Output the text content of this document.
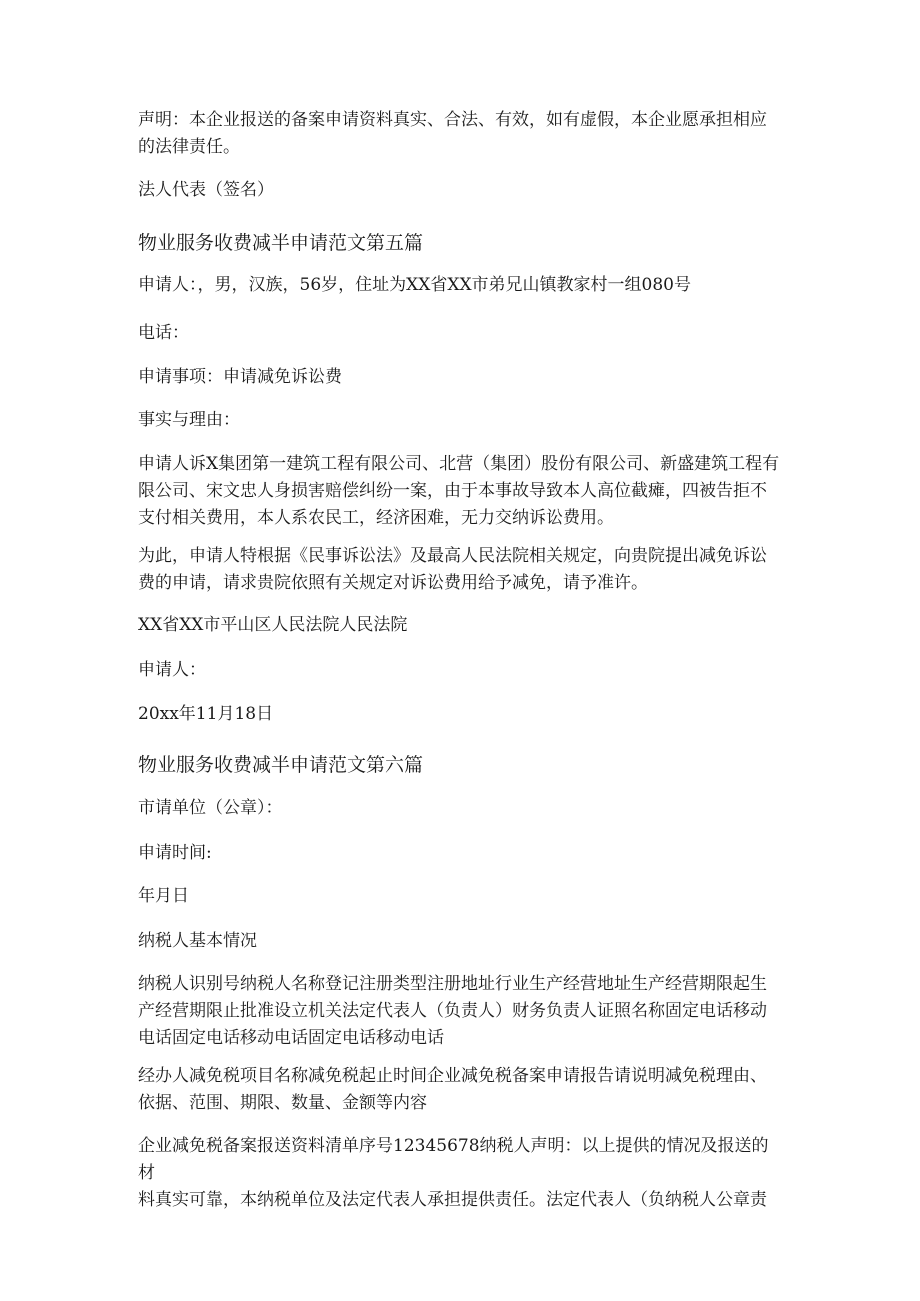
声明：本企业报送的备案申请资料真实、合法、有效，如有虚假，本企业愿承担相应
的法律责任。

法人代表（签名）

物业服务收费减半申请范文第五篇

申请人：，男，汉族，56岁，住址为XX省XX市弟兄山镇教家村一组080号

电话：

申请事项：申请减免诉讼费

事实与理由：

申请人诉X集团第一建筑工程有限公司、北营（集团）股份有限公司、新盛建筑工程有
限公司、宋文忠人身损害赔偿纠纷一案，由于本事故导致本人高位截瘫，四被告拒不
支付相关费用，本人系农民工，经济困难，无力交纳诉讼费用。

为此，申请人特根据《民事诉讼法》及最高人民法院相关规定，向贵院提出减免诉讼
费的申请，请求贵院依照有关规定对诉讼费用给予减免，请予准许。

XX省XX市平山区人民法院人民法院

申请人：

20xx年11月18日

物业服务收费减半申请范文第六篇

市请单位（公章）：

申请时间:

年月日

纳税人基本情况

纳税人识别号纳税人名称登记注册类型注册地址行业生产经营地址生产经营期限起生
产经营期限止批准设立机关法定代表人（负责人）财务负责人证照名称固定电话移动
电话固定电话移动电话固定电话移动电话

经办人减免税项目名称减免税起止时间企业减免税备案申请报告请说明减免税理由、
依据、范围、期限、数量、金额等内容

企业减免税备案报送资料清单序号12345678纳税人声明：以上提供的情况及报送的材
料真实可靠，本纳税单位及法定代表人承担提供责任。法定代表人（负纳税人公章责
